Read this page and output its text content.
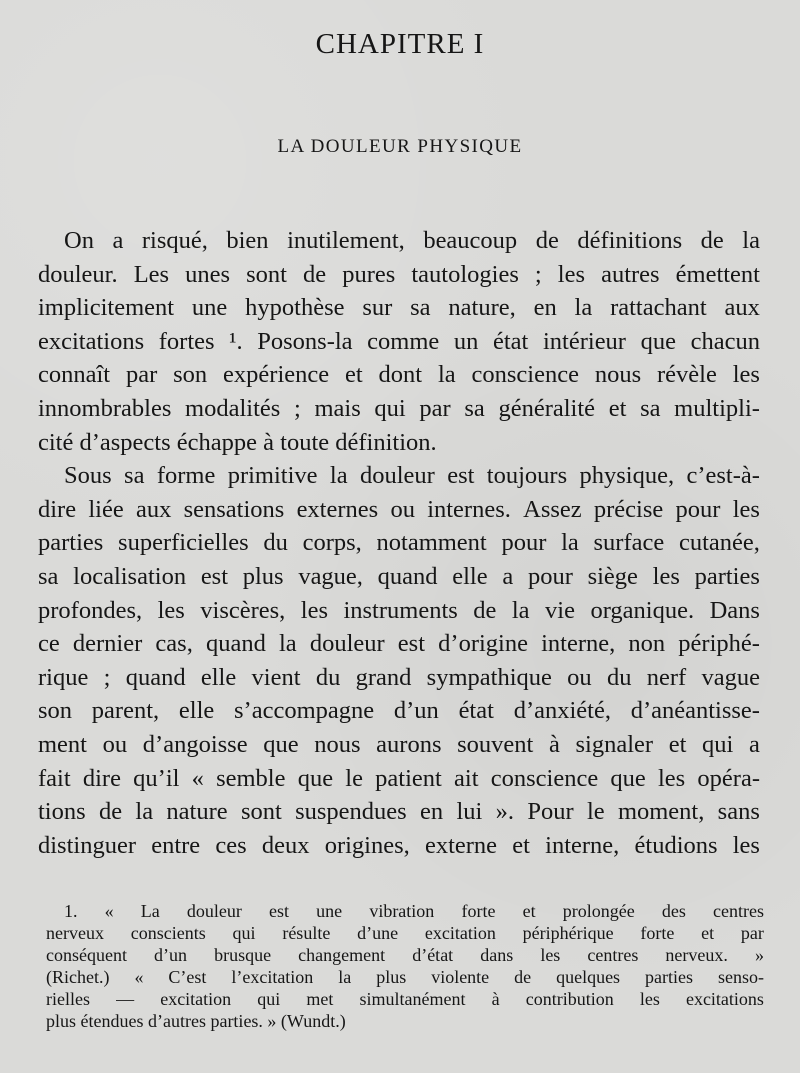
CHAPITRE I
LA DOULEUR PHYSIQUE
On a risqué, bien inutilement, beaucoup de définitions de la
douleur. Les unes sont de pures tautologies ; les autres émettent
implicitement une hypothèse sur sa nature, en la rattachant aux
excitations fortes ¹. Posons-la comme un état intérieur que chacun
connaît par son expérience et dont la conscience nous révèle les
innombrables modalités ; mais qui par sa généralité et sa multipli-
cité d’aspects échappe à toute définition.
Sous sa forme primitive la douleur est toujours physique, c’est-à-
dire liée aux sensations externes ou internes. Assez précise pour les
parties superficielles du corps, notamment pour la surface cutanée,
sa localisation est plus vague, quand elle a pour siège les parties
profondes, les viscères, les instruments de la vie organique. Dans
ce dernier cas, quand la douleur est d’origine interne, non périphé-
rique ; quand elle vient du grand sympathique ou du nerf vague
son parent, elle s’accompagne d’un état d’anxiété, d’anéantisse-
ment ou d’angoisse que nous aurons souvent à signaler et qui a
fait dire qu’il « semble que le patient ait conscience que les opéra-
tions de la nature sont suspendues en lui ». Pour le moment, sans
distinguer entre ces deux origines, externe et interne, étudions les
1. « La douleur est une vibration forte et prolongée des centres
nerveux conscients qui résulte d’une excitation périphérique forte et par
conséquent d’un brusque changement d’état dans les centres nerveux. »
(Richet.) « C’est l’excitation la plus violente de quelques parties senso-
rielles — excitation qui met simultanément à contribution les excitations
plus étendues d’autres parties. » (Wundt.)
